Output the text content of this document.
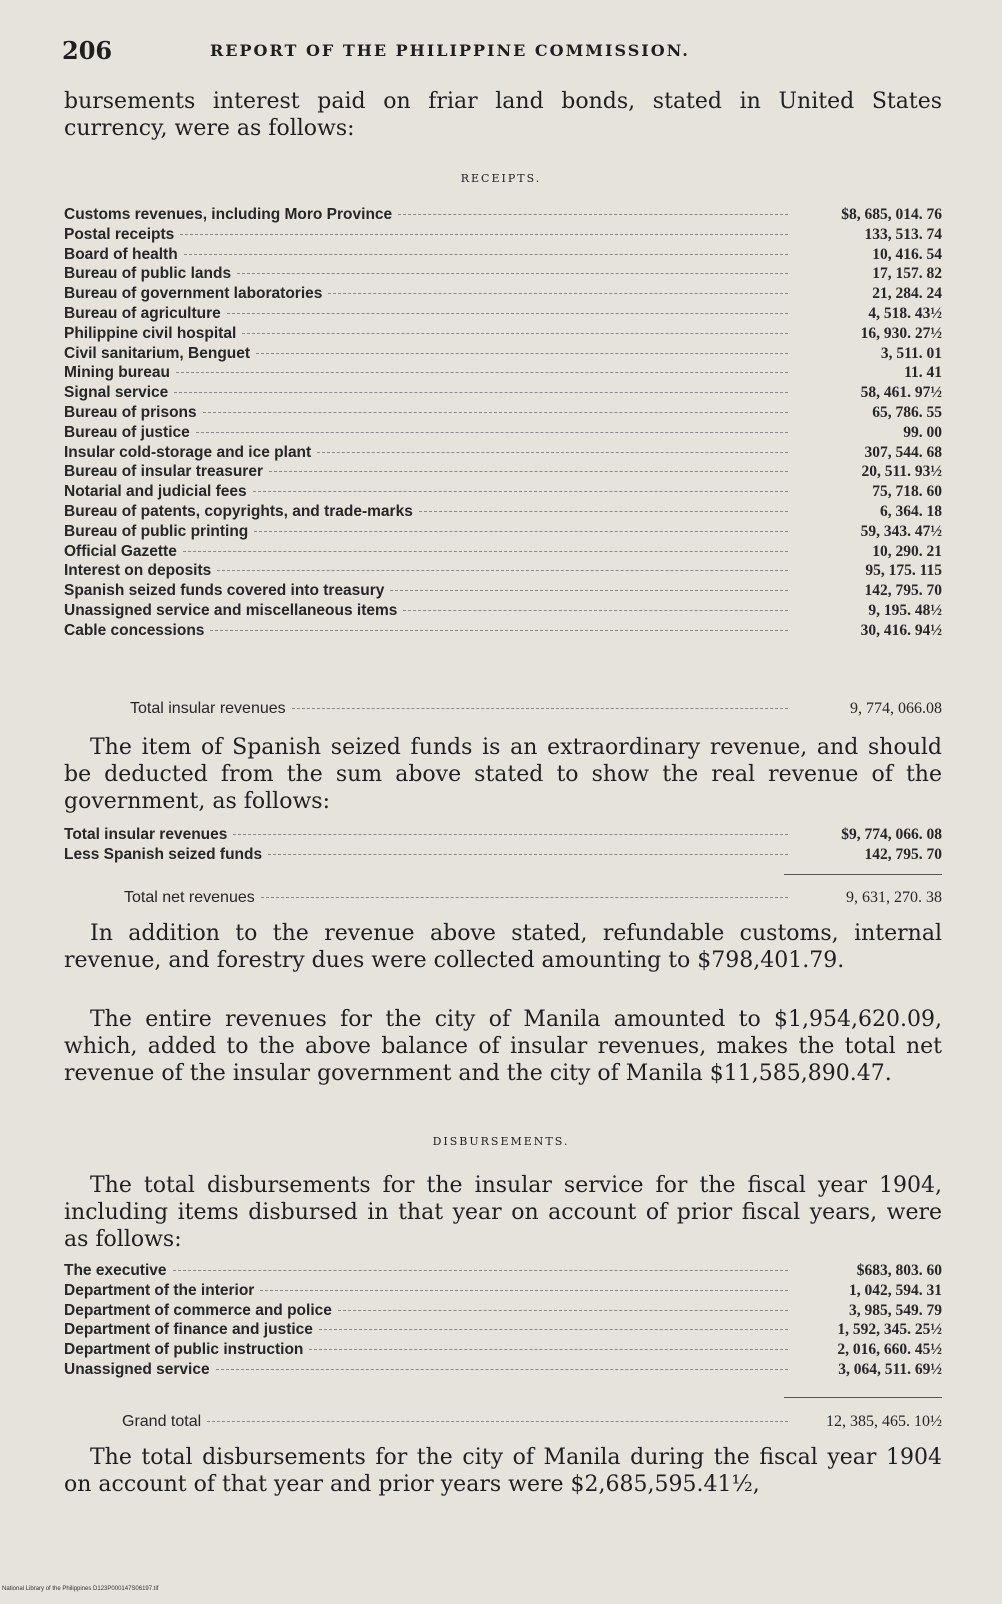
206	REPORT OF THE PHILIPPINE COMMISSION.
bursements interest paid on friar land bonds, stated in United States currency, were as follows:
RECEIPTS.
Customs revenues, including Moro Province	$8, 685, 014. 76
Postal receipts	133, 513. 74
Board of health	10, 416. 54
Bureau of public lands	17, 157. 82
Bureau of government laboratories	21, 284. 24
Bureau of agriculture	4, 518. 43½
Philippine civil hospital	16, 930. 27½
Civil sanitarium, Benguet	3, 511. 01
Mining bureau	11. 41
Signal service	58, 461. 97½
Bureau of prisons	65, 786. 55
Bureau of justice	99. 00
Insular cold-storage and ice plant	307, 544. 68
Bureau of insular treasurer	20, 511. 93½
Notarial and judicial fees	75, 718. 60
Bureau of patents, copyrights, and trade-marks	6, 364. 18
Bureau of public printing	59, 343. 47½
Official Gazette	10, 290. 21
Interest on deposits	95, 175. 115
Spanish seized funds covered into treasury	142, 795. 70
Unassigned service and miscellaneous items	9, 195. 48½
Cable concessions	30, 416. 94½
Total insular revenues	9, 774, 066.08
The item of Spanish seized funds is an extraordinary revenue, and should be deducted from the sum above stated to show the real revenue of the government, as follows:
Total insular revenues	$9, 774, 066. 08
Less Spanish seized funds	142, 795. 70
Total net revenues	9, 631, 270. 38
In addition to the revenue above stated, refundable customs, internal revenue, and forestry dues were collected amounting to $798,401.79.
The entire revenues for the city of Manila amounted to $1,954,620.09, which, added to the above balance of insular revenues, makes the total net revenue of the insular government and the city of Manila $11,585,890.47.
DISBURSEMENTS.
The total disbursements for the insular service for the fiscal year 1904, including items disbursed in that year on account of prior fiscal years, were as follows:
The executive	$683, 803. 60
Department of the interior	1, 042, 594. 31
Department of commerce and police	3, 985, 549. 79
Department of finance and justice	1, 592, 345. 25½
Department of public instruction	2, 016, 660. 45½
Unassigned service	3, 064, 511. 69½
Grand total	12, 385, 465. 10½
The total disbursements for the city of Manila during the fiscal year 1904 on account of that year and prior years were $2,685,595.41½,
National Library of the Philippines D123P000147S06197.tif
